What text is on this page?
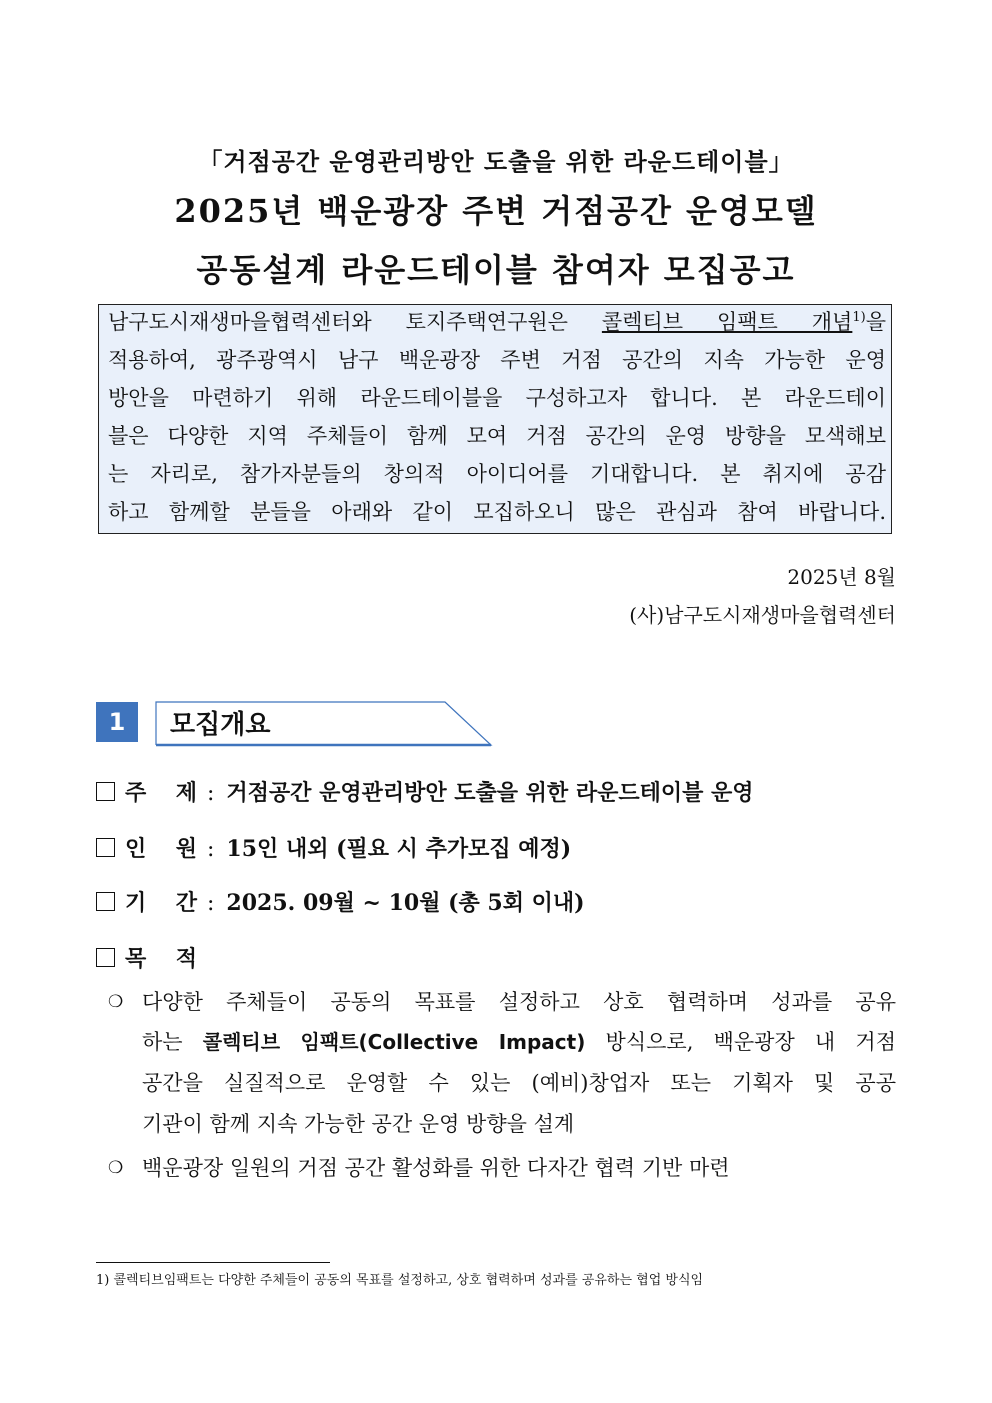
「거점공간 운영관리방안 도출을 위한 라운드테이블」
2025년 백운광장 주변 거점공간 운영모델
공동설계 라운드테이블 참여자 모집공고
남구도시재생마을협력센터와 토지주택연구원은 콜렉티브 임팩트 개념$^{1)}$을
적용하여, 광주광역시 남구 백운광장 주변 거점 공간의 지속 가능한 운영
방안을 마련하기 위해 라운드테이블을 구성하고자 합니다. 본 라운드테이
블은 다양한 지역 주체들이 함께 모여 거점 공간의 운영 방향을 모색해보
는 자리로, 참가자분들의 창의적 아이디어를 기대합니다. 본 취지에 공감
하고 함께할 분들을 아래와 같이 모집하오니 많은 관심과 참여 바랍니다.
2025년 8월
(사)남구도시재생마을협력센터
1	모집개요
주 제 : 거점공간 운영관리방안 도출을 위한 라운드테이블 운영
인 원 : 15인 내외 (필요 시 추가모집 예정)
기 간 : 2025. 09월 ~ 10월 (총 5회 이내)
목 적
❍ 다양한 주체들이 공동의 목표를 설정하고 상호 협력하며 성과를 공유
하는 콜렉티브 임팩트(Collective Impact) 방식으로, 백운광장 내 거점
공간을 실질적으로 운영할 수 있는 (예비)창업자 또는 기획자 및 공공
기관이 함께 지속 가능한 공간 운영 방향을 설계
❍ 백운광장 일원의 거점 공간 활성화를 위한 다자간 협력 기반 마련
1) 콜렉티브임팩트는 다양한 주체들이 공동의 목표를 설정하고, 상호 협력하며 성과를 공유하는 협업 방식임
